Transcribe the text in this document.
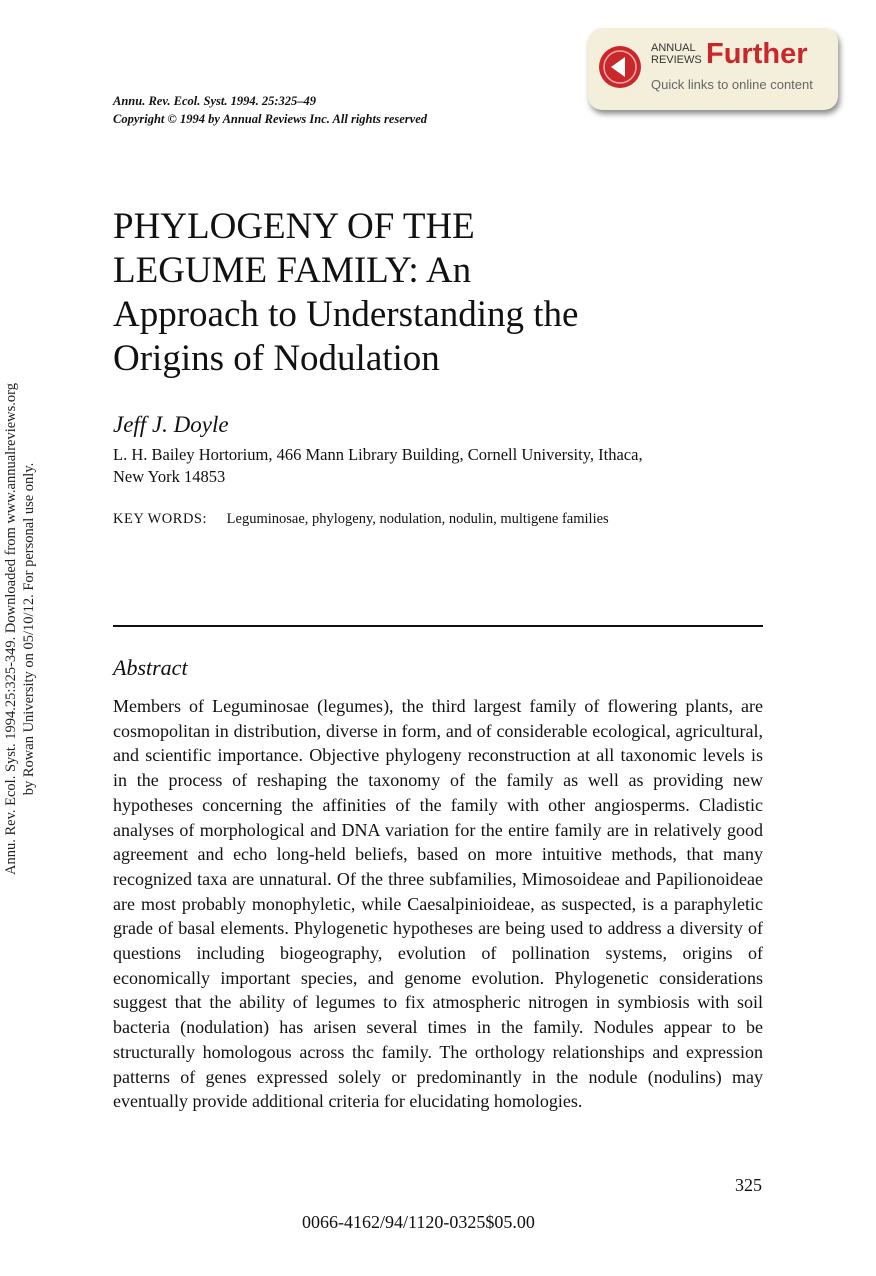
Annu. Rev. Ecol. Syst. 1994.25:325-349. Downloaded from www.annualreviews.org by Rowan University on 05/10/12. For personal use only.
Annu. Rev. Ecol. Syst. 1994. 25:325–49
Copyright © 1994 by Annual Reviews Inc. All rights reserved
ANNUAL
REVIEWS Further
Quick links to online content
PHYLOGENY OF THE
LEGUME FAMILY: An
Approach to Understanding the
Origins of Nodulation
Jeff J. Doyle
L. H. Bailey Hortorium, 466 Mann Library Building, Cornell University, Ithaca,
New York 14853
KEY WORDS: Leguminosae, phylogeny, nodulation, nodulin, multigene families
Abstract

Members of Leguminosae (legumes), the third largest family of flowering plants, are cosmopolitan in distribution, diverse in form, and of considerable ecological, agricultural, and scientific importance. Objective phylogeny reconstruction at all taxonomic levels is in the process of reshaping the taxonomy of the family as well as providing new hypotheses concerning the affinities of the family with other angiosperms. Cladistic analyses of morphological and DNA variation for the entire family are in relatively good agreement and echo long-held beliefs, based on more intuitive methods, that many recognized taxa are unnatural. Of the three subfamilies, Mimosoideae and Papilionoideae are most probably monophyletic, while Caesalpinioideae, as suspected, is a paraphyletic grade of basal elements. Phylogenetic hypotheses are being used to address a diversity of questions including biogeography, evolution of pollination systems, origins of economically important species, and genome evolution. Phylogenetic considerations suggest that the ability of legumes to fix atmospheric nitrogen in symbiosis with soil bacteria (nodulation) has arisen several times in the family. Nodules appear to be structurally homologous across thc family. The orthology relationships and expression patterns of genes expressed solely or predominantly in the nodule (nodulins) may eventually provide additional criteria for elucidating homologies.

325
0066-4162/94/1120-0325$05.00
